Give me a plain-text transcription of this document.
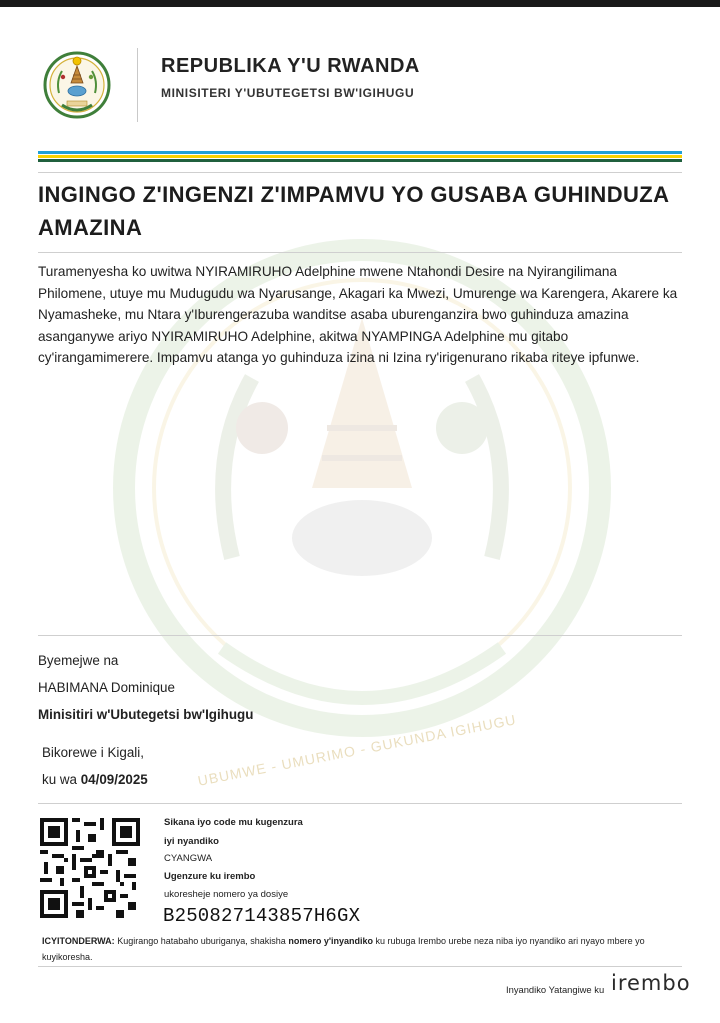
REPUBLIKA Y'U RWANDA
MINISITERI Y'UBUTEGETSI BW'IGIHUGU
UBUMWE - UMURIMO - GUKUNDA IGIHUGU
INGINGO Z'INGENZI Z'IMPAMVU YO GUSABA GUHINDUZA AMAZINA
Turamenyesha ko uwitwa NYIRAMIRUHO Adelphine mwene Ntahondi Desire na Nyirangilimana Philomene, utuye mu Mudugudu wa Nyarusange, Akagari ka Mwezi, Umurenge wa Karengera, Akarere ka Nyamasheke, mu Ntara y'Iburengerazuba wanditse asaba uburenganzira bwo guhinduza amazina asanganywe ariyo NYIRAMIRUHO Adelphine, akitwa NYAMPINGA Adelphine mu gitabo cy'irangamimerere. Impamvu atanga yo guhinduza izina ni Izina ry'irigenurano rikaba riteye ipfunwe.
Byemejwe na
HABIMANA Dominique
Minisitiri w'Ubutegetsi bw'Igihugu
Bikorewe i Kigali,
ku wa 04/09/2025
Sikana iyo code mu kugenzura
iyi nyandiko
CYANGWA
Ugenzure ku irembo
ukoresheje nomero ya dosiye
B250827143857H6GX
ICYITONDERWA: Kugirango hatabaho uburiganya, shakisha nomero y'inyandiko ku rubuga Irembo urebe neza niba iyo nyandiko ari nyayo mbere yo kuyikoresha.
Inyandiko Yatangiwe ku irembo
